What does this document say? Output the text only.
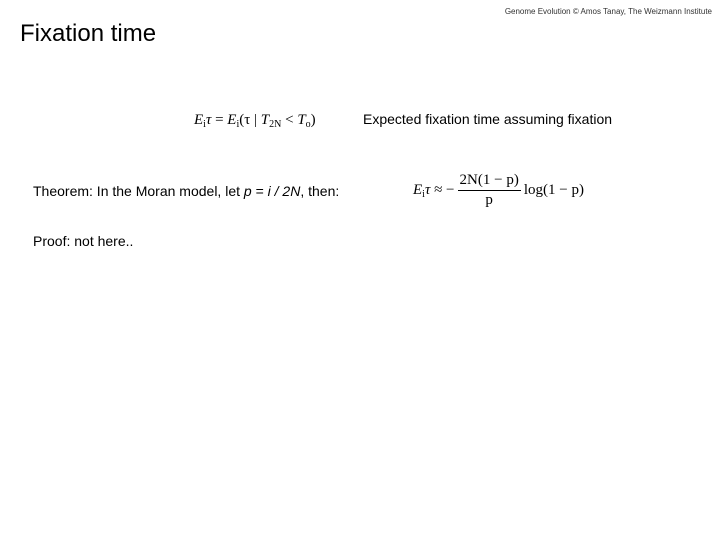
Genome Evolution © Amos Tanay, The Weizmann Institute
Fixation time
$E_i\tau = E_i(\tau$ | $T_{2N} < T_o$)	Expected fixation time assuming fixation
Theorem: In the Moran model, let p = i / 2N, then:	$E_i\tau$ ≈ − $\frac{2N(1 - p)}{p} \log(1 - p)$
Proof: not here..
